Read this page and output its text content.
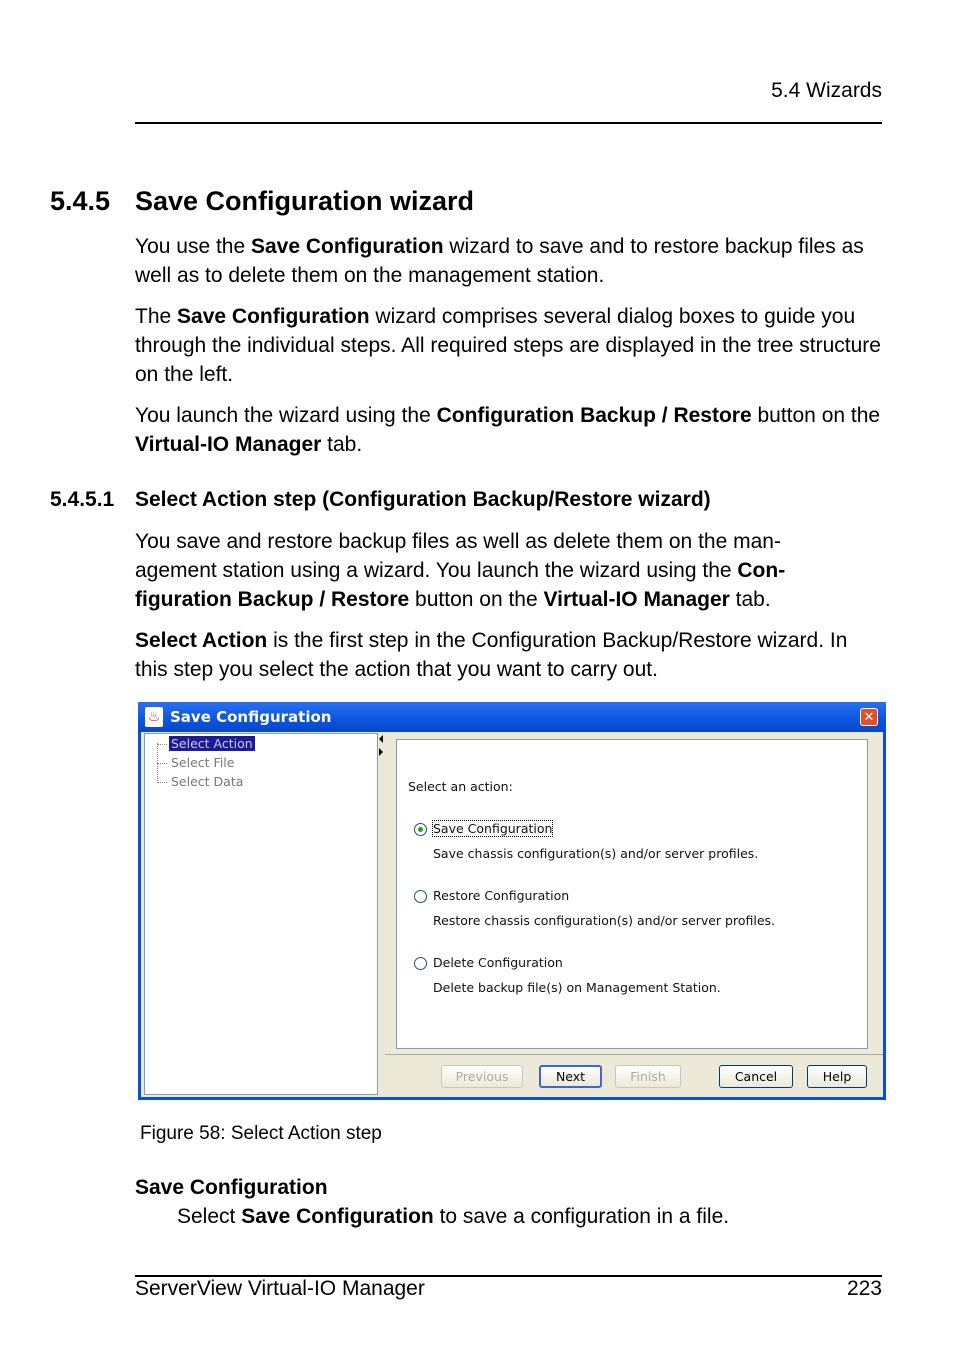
5.4 Wizards
5.4.5 Save Configuration wizard

You use the Save Configuration wizard to save and to restore backup files as well as to delete them on the management station.

The Save Configuration wizard comprises several dialog boxes to guide you through the individual steps. All required steps are displayed in the tree structure on the left.

You launch the wizard using the Configuration Backup / Restore button on the Virtual-IO Manager tab.

5.4.5.1 Select Action step (Configuration Backup/Restore wizard)

You save and restore backup files as well as delete them on the man-agement station using a wizard. You launch the wizard using the Con-figuration Backup / Restore button on the Virtual-IO Manager tab.

Select Action is the first step in the Configuration Backup/Restore wizard. In this step you select the action that you want to carry out.

♨ Save Configuration	✕
Select Action
Select File
Select Data	Select an action:
Save Configuration
Save chassis configuration(s) and/or server profiles.
Restore Configuration
Restore chassis configuration(s) and/or server profiles.
Delete Configuration
Delete backup file(s) on Management Station.
Previous	Next	Finish	Cancel	Help
Figure 58: Select Action step
Save Configuration
Select Save Configuration to save a configuration in a file.
ServerView Virtual-IO Manager	223
